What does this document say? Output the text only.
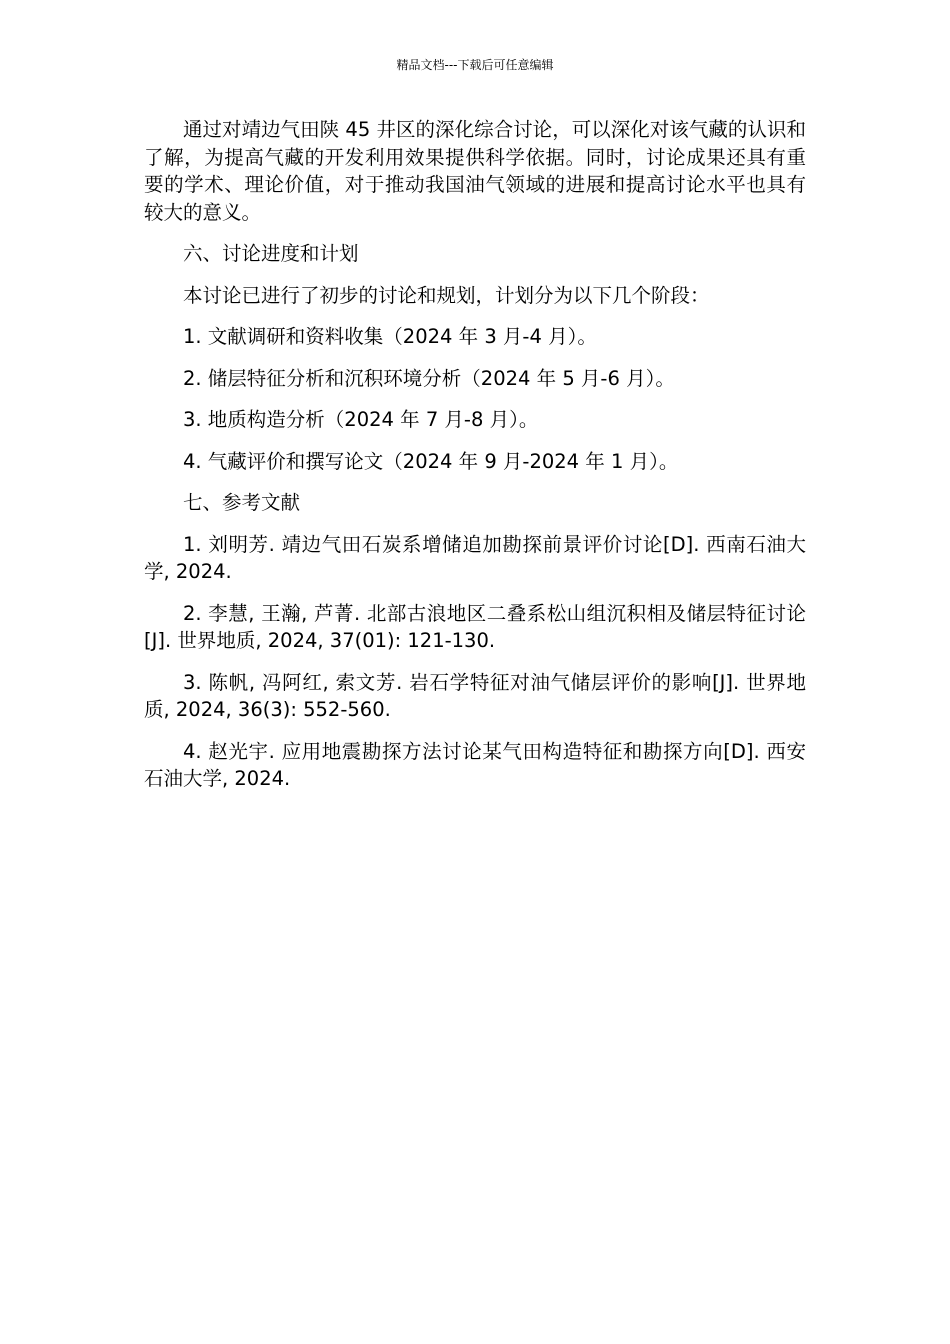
精品文档---下载后可任意编辑

通过对靖边气田陕 45 井区的深化综合讨论，可以深化对该气藏的认识和了解，为提高气藏的开发利用效果提供科学依据。同时，讨论成果还具有重要的学术、理论价值，对于推动我国油气领域的进展和提高讨论水平也具有较大的意义。

六、讨论进度和计划

本讨论已进行了初步的讨论和规划，计划分为以下几个阶段：

1. 文献调研和资料收集（2024 年 3 月-4 月）。

2. 储层特征分析和沉积环境分析（2024 年 5 月-6 月）。

3. 地质构造分析（2024 年 7 月-8 月）。

4. 气藏评价和撰写论文（2024 年 9 月-2024 年 1 月）。

七、参考文献

1. 刘明芳. 靖边气田石炭系增储追加勘探前景评价讨论[D]. 西南石油大学, 2024.

2. 李慧, 王瀚, 芦菁. 北部古浪地区二叠系松山组沉积相及储层特征讨论[J]. 世界地质, 2024, 37(01): 121-130.

3. 陈帆, 冯阿红, 索文芳. 岩石学特征对油气储层评价的影响[J]. 世界地质, 2024, 36(3): 552-560.

4. 赵光宇. 应用地震勘探方法讨论某气田构造特征和勘探方向[D]. 西安石油大学, 2024.
